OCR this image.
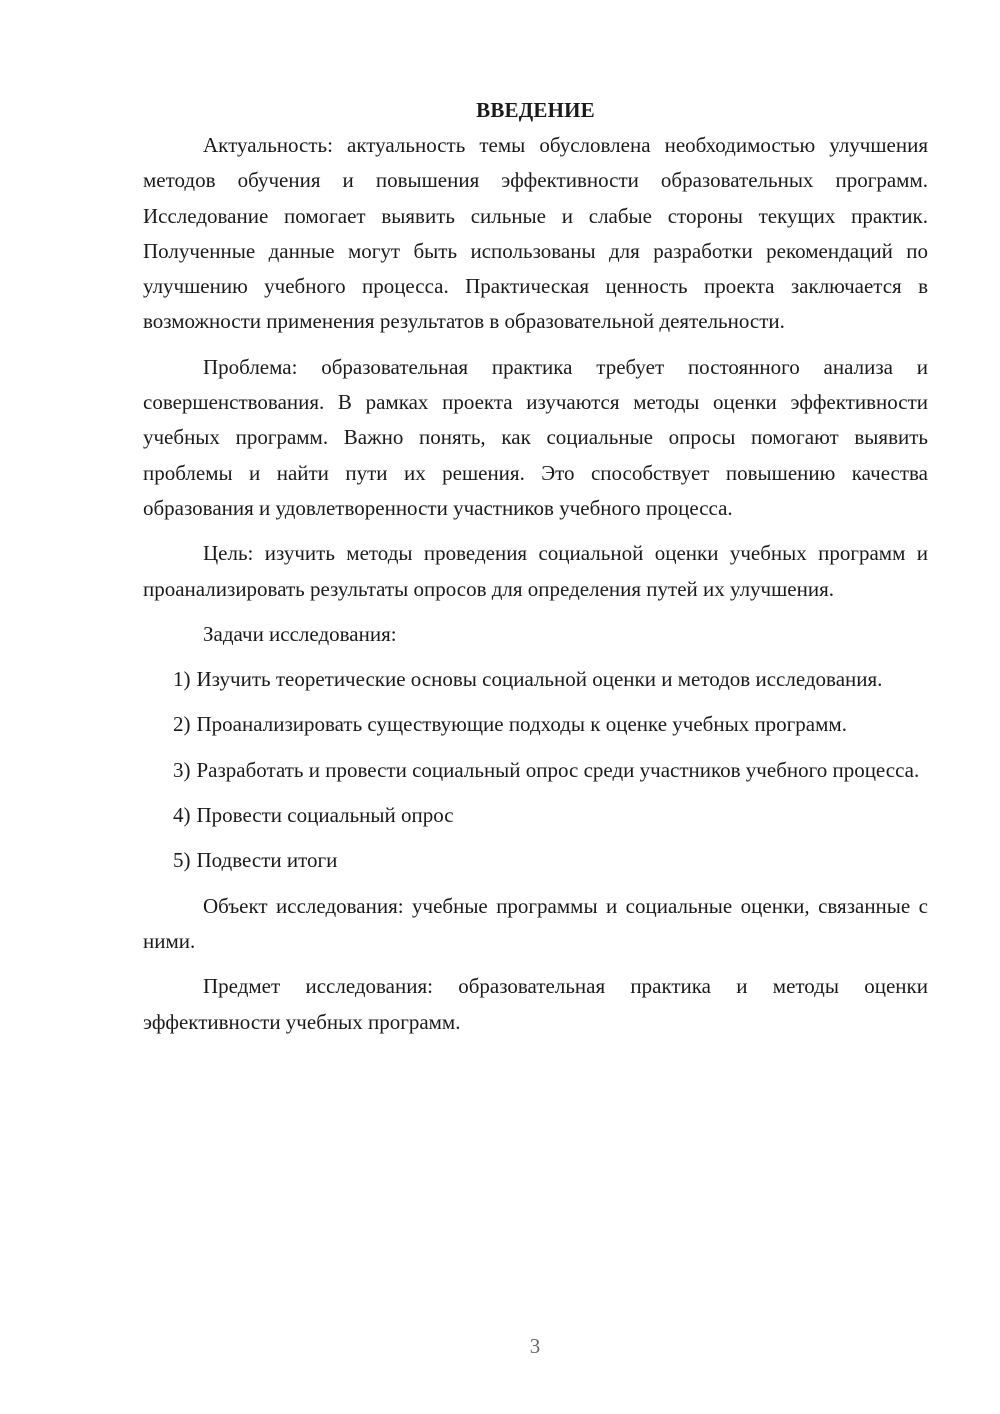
ВВЕДЕНИЕ

Актуальность: актуальность темы обусловлена необходимостью улучшения методов обучения и повышения эффективности образовательных программ. Исследование помогает выявить сильные и слабые стороны текущих практик. Полученные данные могут быть использованы для разработки рекомендаций по улучшению учебного процесса. Практическая ценность проекта заключается в возможности применения результатов в образовательной деятельности.

Проблема: образовательная практика требует постоянного анализа и совершенствования. В рамках проекта изучаются методы оценки эффективности учебных программ. Важно понять, как социальные опросы помогают выявить проблемы и найти пути их решения. Это способствует повышению качества образования и удовлетворенности участников учебного процесса.

Цель: изучить методы проведения социальной оценки учебных программ и проанализировать результаты опросов для определения путей их улучшения.

Задачи исследования:

1) Изучить теоретические основы социальной оценки и методов исследования.

2) Проанализировать существующие подходы к оценке учебных программ.

3) Разработать и провести социальный опрос среди участников учебного процесса.

4) Провести социальный опрос

5) Подвести итоги

Объект исследования: учебные программы и социальные оценки, связанные с ними.

Предмет исследования: образовательная практика и методы оценки эффективности учебных программ.

3
